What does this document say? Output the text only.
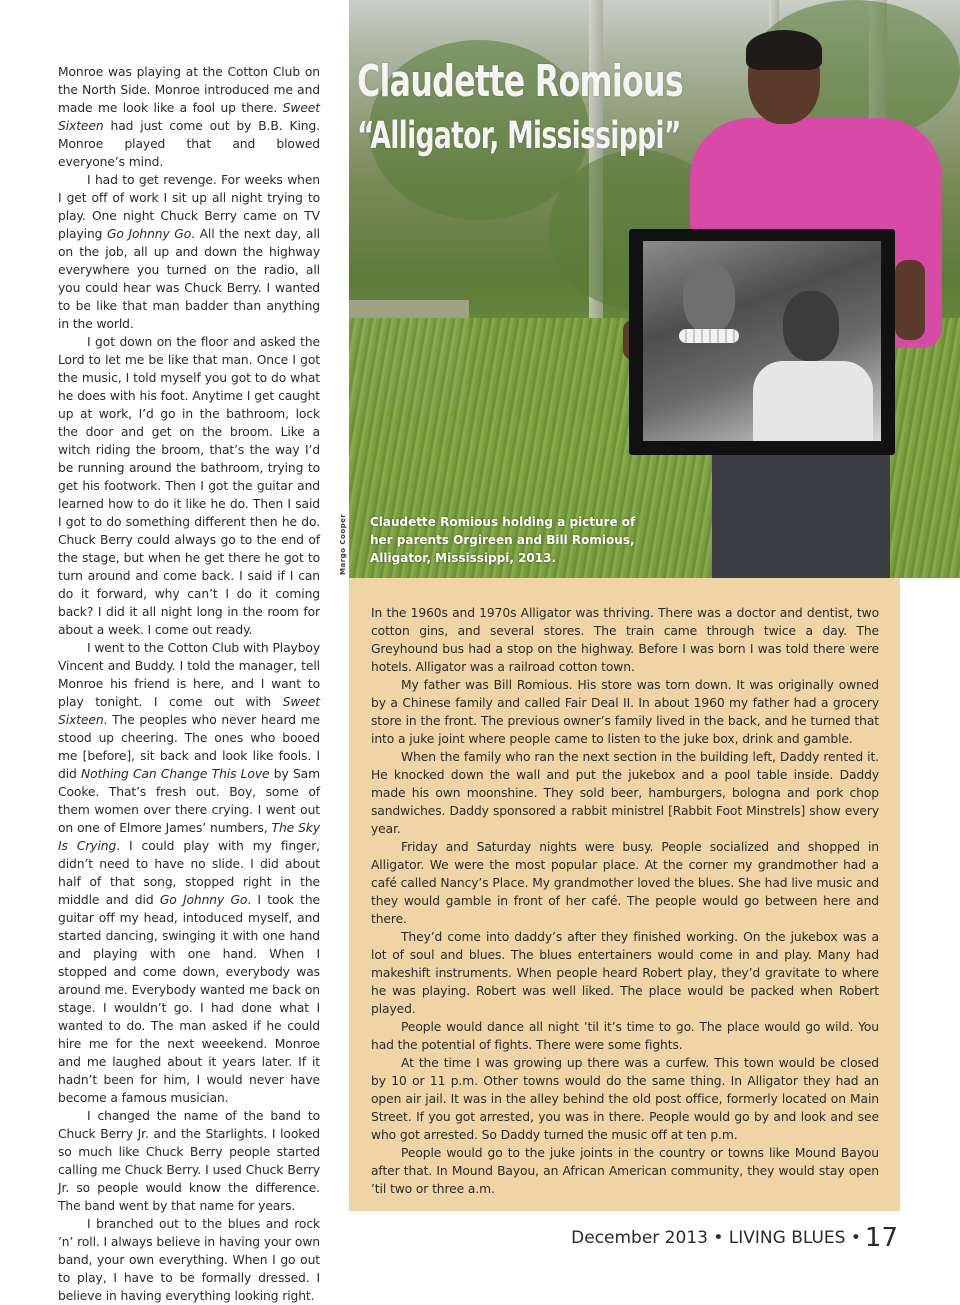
Monroe was playing at the Cotton Club on the North Side. Monroe introduced me and made me look like a fool up there. Sweet Sixteen had just come out by B.B. King. Monroe played that and blowed everyone’s mind.

I had to get revenge. For weeks when I get off of work I sit up all night trying to play. One night Chuck Berry came on TV playing Go Johnny Go. All the next day, all on the job, all up and down the highway everywhere you turned on the radio, all you could hear was Chuck Berry. I wanted to be like that man badder than anything in the world.

I got down on the floor and asked the Lord to let me be like that man. Once I got the music, I told myself you got to do what he does with his foot. Anytime I get caught up at work, I’d go in the bathroom, lock the door and get on the broom. Like a witch riding the broom, that’s the way I’d be running around the bathroom, trying to get his footwork. Then I got the guitar and learned how to do it like he do. Then I said I got to do something different then he do. Chuck Berry could always go to the end of the stage, but when he get there he got to turn around and come back. I said if I can do it forward, why can’t I do it coming back? I did it all night long in the room for about a week. I come out ready.

I went to the Cotton Club with Playboy Vincent and Buddy. I told the manager, tell Monroe his friend is here, and I want to play tonight. I come out with Sweet Sixteen. The peoples who never heard me stood up cheering. The ones who booed me [before], sit back and look like fools. I did Nothing Can Change This Love by Sam Cooke. That’s fresh out. Boy, some of them women over there crying. I went out on one of Elmore James’ numbers, The Sky Is Crying. I could play with my finger, didn’t need to have no slide. I did about half of that song, stopped right in the middle and did Go Johnny Go. I took the guitar off my head, intoduced myself, and started dancing, swinging it with one hand and playing with one hand. When I stopped and come down, everybody was around me. Everybody wanted me back on stage. I wouldn’t go. I had done what I wanted to do. The man asked if he could hire me for the next weeekend. Monroe and me laughed about it years later. If it hadn’t been for him, I would never have become a famous musician.

I changed the name of the band to Chuck Berry Jr. and the Starlights. I looked so much like Chuck Berry people started calling me Chuck Berry. I used Chuck Berry Jr. so people would know the difference. The band went by that name for years.

I branched out to the blues and rock ’n’ roll. I always believe in having your own band, your own everything. When I go out to play, I have to be formally dressed. I believe in having everything looking right.

Claudette Romious
“Alligator, Mississippi”
Margo Cooper Claudette Romious holding a picture of her parents Orgireen and Bill Romious, Alligator, Mississippi, 2013.

In the 1960s and 1970s Alligator was thriving. There was a doctor and dentist, two cotton gins, and several stores. The train came through twice a day. The Greyhound bus had a stop on the highway. Before I was born I was told there were hotels. Alligator was a railroad cotton town.

My father was Bill Romious. His store was torn down. It was originally owned by a Chinese family and called Fair Deal II. In about 1960 my father had a grocery store in the front. The previous owner’s family lived in the back, and he turned that into a juke joint where people came to listen to the juke box, drink and gamble.

When the family who ran the next section in the building left, Daddy rented it. He knocked down the wall and put the jukebox and a pool table inside. Daddy made his own moonshine. They sold beer, hamburgers, bologna and pork chop sandwiches. Daddy sponsored a rabbit ministrel [Rabbit Foot Minstrels] show every year.

Friday and Saturday nights were busy. People socialized and shopped in Alligator. We were the most popular place. At the corner my grandmother had a café called Nancy’s Place. My grandmother loved the blues. She had live music and they would gamble in front of her café. The people would go between here and there.

They’d come into daddy’s after they finished working. On the jukebox was a lot of soul and blues. The blues entertainers would come in and play. Many had makeshift instruments. When people heard Robert play, they’d gravitate to where he was playing. Robert was well liked. The place would be packed when Robert played.

People would dance all night ’til it’s time to go. The place would go wild. You had the potential of fights. There were some fights.

At the time I was growing up there was a curfew. This town would be closed by 10 or 11 p.m. Other towns would do the same thing. In Alligator they had an open air jail. It was in the alley behind the old post office, formerly located on Main Street. If you got arrested, you was in there. People would go by and look and see who got arrested. So Daddy turned the music off at ten p.m.

People would go to the juke joints in the country or towns like Mound Bayou after that. In Mound Bayou, an African American community, they would stay open ’til two or three a.m.

December 2013 • LIVING BLUES • 17
